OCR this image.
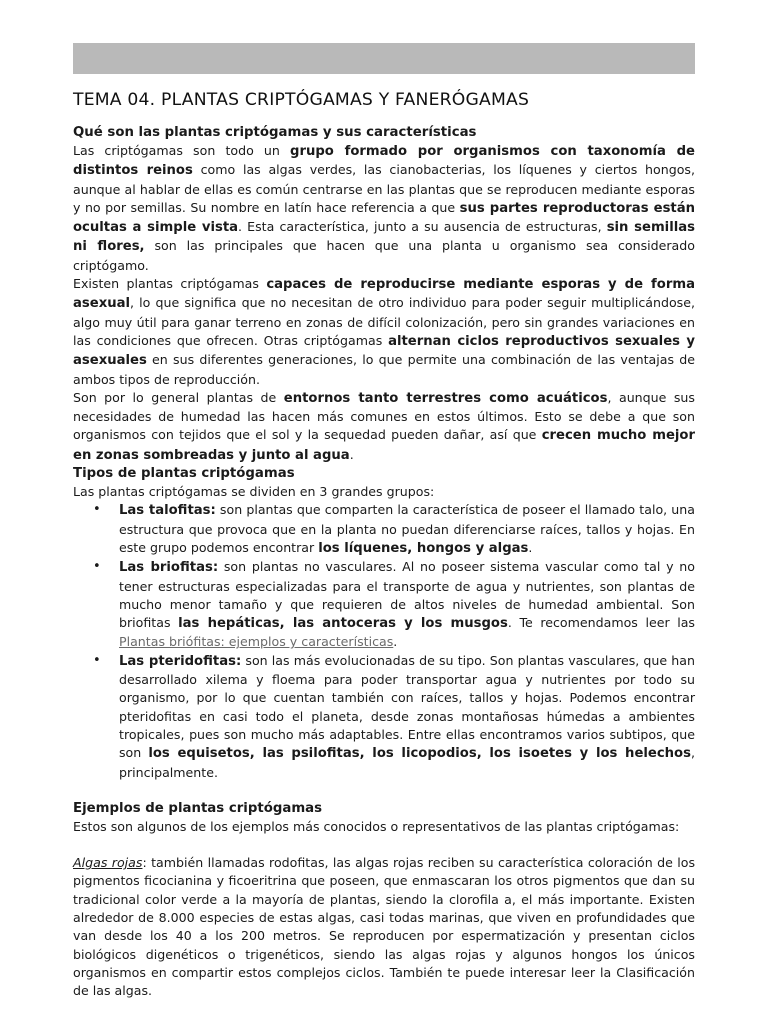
TEMA 04. PLANTAS CRIPTÓGAMAS Y FANERÓGAMAS
Qué son las plantas criptógamas y sus características

Las criptógamas son todo un grupo formado por organismos con taxonomía de distintos reinos como las algas verdes, las cianobacterias, los líquenes y ciertos hongos, aunque al hablar de ellas es común centrarse en las plantas que se reproducen mediante esporas y no por semillas. Su nombre en latín hace referencia a que sus partes reproductoras están ocultas a simple vista. Esta característica, junto a su ausencia de estructuras, sin semillas ni flores, son las principales que hacen que una planta u organismo sea considerado criptógamo.

Existen plantas criptógamas capaces de reproducirse mediante esporas y de forma asexual, lo que significa que no necesitan de otro individuo para poder seguir multiplicándose, algo muy útil para ganar terreno en zonas de difícil colonización, pero sin grandes variaciones en las condiciones que ofrecen. Otras criptógamas alternan ciclos reproductivos sexuales y asexuales en sus diferentes generaciones, lo que permite una combinación de las ventajas de ambos tipos de reproducción.

Son por lo general plantas de entornos tanto terrestres como acuáticos, aunque sus necesidades de humedad las hacen más comunes en estos últimos. Esto se debe a que son organismos con tejidos que el sol y la sequedad pueden dañar, así que crecen mucho mejor en zonas sombreadas y junto al agua.

Tipos de plantas criptógamas

Las plantas criptógamas se dividen en 3 grandes grupos:

• Las talofitas: son plantas que comparten la característica de poseer el llamado talo, una estructura que provoca que en la planta no puedan diferenciarse raíces, tallos y hojas. En este grupo podemos encontrar los líquenes, hongos y algas.
• Las briofitas: son plantas no vasculares. Al no poseer sistema vascular como tal y no tener estructuras especializadas para el transporte de agua y nutrientes, son plantas de mucho menor tamaño y que requieren de altos niveles de humedad ambiental. Son briofitas las hepáticas, las antoceras y los musgos. Te recomendamos leer las Plantas briófitas: ejemplos y características.
• Las pteridofitas: son las más evolucionadas de su tipo. Son plantas vasculares, que han desarrollado xilema y floema para poder transportar agua y nutrientes por todo su organismo, por lo que cuentan también con raíces, tallos y hojas. Podemos encontrar pteridofitas en casi todo el planeta, desde zonas montañosas húmedas a ambientes tropicales, pues son mucho más adaptables. Entre ellas encontramos varios subtipos, que son los equisetos, las psilofitas, los licopodios, los isoetes y los helechos, principalmente.
Ejemplos de plantas criptógamas

Estos son algunos de los ejemplos más conocidos o representativos de las plantas criptógamas:

Algas rojas: también llamadas rodofitas, las algas rojas reciben su característica coloración de los pigmentos ficocianina y ficoeritrina que poseen, que enmascaran los otros pigmentos que dan su tradicional color verde a la mayoría de plantas, siendo la clorofila a, el más importante. Existen alrededor de 8.000 especies de estas algas, casi todas marinas, que viven en profundidades que van desde los 40 a los 200 metros. Se reproducen por espermatización y presentan ciclos biológicos digenéticos o trigenéticos, siendo las algas rojas y algunos hongos los únicos organismos en compartir estos complejos ciclos. También te puede interesar leer la Clasificación de las algas.
